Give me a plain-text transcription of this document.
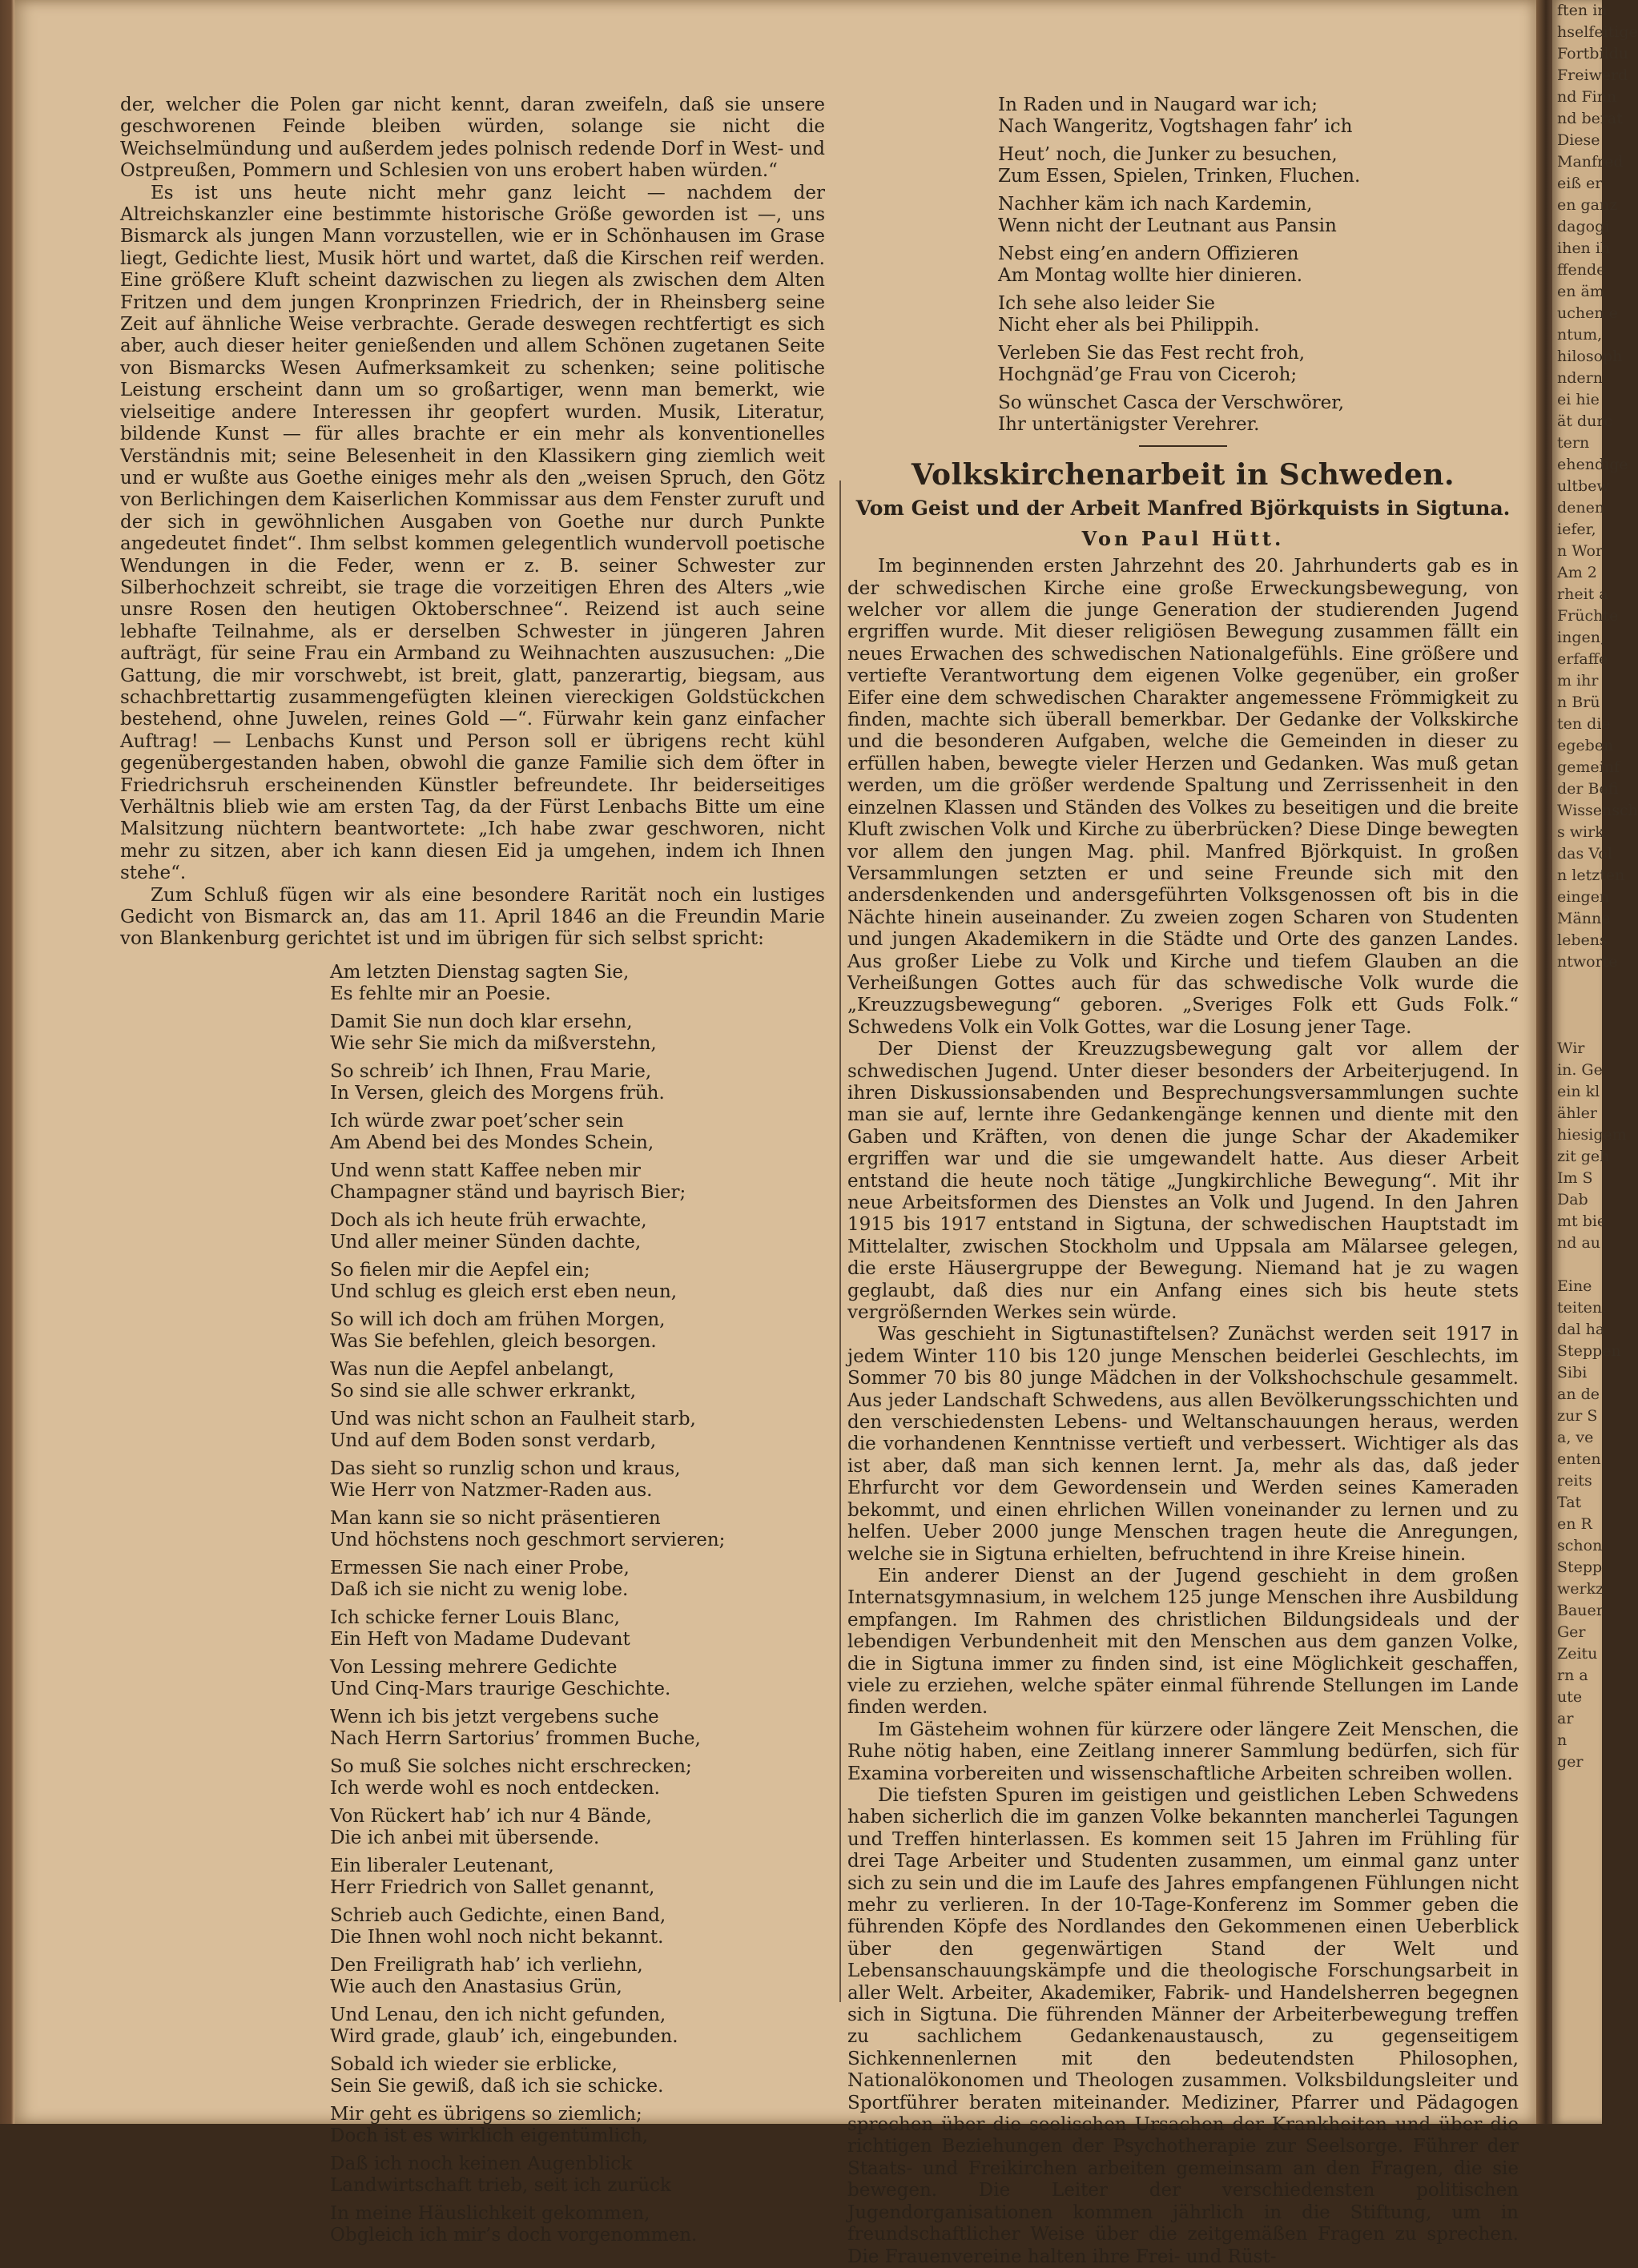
ften in
hselfeitige
Fortbildu
Freiwerd
nd Finn
nd berat
Diese
Manfred
eiß er
en ganz
dagogi
ihen ih
ffende
en äm
uchen e
ntum,
hilosoph
ndern
ei hie
ät durc
tern
ehendige
ultbew
denen
iefer,
n Wor
Am 2
rheit a
Früchte
ingen,
erfaffe
m ihr
n Brü
ten die
egeben
gemeinf
der Befi
Wissensch
s wirk
das Vol
n letzten
eingen
Männe
lebens
ntworte

Wir
in. Ge
ein kl
ähler
hiesigem
zit geh
Im S
Dab
mt bie
nd au

Eine
teiten.
dal ha
Steppen
Sibi
an de
zur S
a, ve
enten
reits
Tat
en R
schon
Stepp
werkz
Bauer
Ger
Zeitu
rn a
ute
ar
n
ger

der, welcher die Polen gar nicht kennt, daran zweifeln, daß sie unsere geschworenen Feinde bleiben würden, solange sie nicht die Weichselmündung und außerdem jedes polnisch redende Dorf in West- und Ostpreußen, Pommern und Schlesien von uns erobert haben würden.“

Es ist uns heute nicht mehr ganz leicht — nachdem der Altreichskanzler eine bestimmte historische Größe geworden ist —, uns Bismarck als jungen Mann vorzustellen, wie er in Schönhausen im Grase liegt, Gedichte liest, Musik hört und wartet, daß die Kirschen reif werden. Eine größere Kluft scheint dazwischen zu liegen als zwischen dem Alten Fritzen und dem jungen Kronprinzen Friedrich, der in Rheinsberg seine Zeit auf ähnliche Weise verbrachte. Gerade deswegen rechtfertigt es sich aber, auch dieser heiter genießenden und allem Schönen zugetanen Seite von Bismarcks Wesen Aufmerksamkeit zu schenken; seine politische Leistung erscheint dann um so großartiger, wenn man bemerkt, wie vielseitige andere Interessen ihr geopfert wurden. Musik, Literatur, bildende Kunst — für alles brachte er ein mehr als konventionelles Verständnis mit; seine Belesenheit in den Klassikern ging ziemlich weit und er wußte aus Goethe einiges mehr als den „weisen Spruch, den Götz von Berlichingen dem Kaiserlichen Kommissar aus dem Fenster zuruft und der sich in gewöhnlichen Ausgaben von Goethe nur durch Punkte angedeutet findet“. Ihm selbst kommen gelegentlich wundervoll poetische Wendungen in die Feder, wenn er z. B. seiner Schwester zur Silberhochzeit schreibt, sie trage die vorzeitigen Ehren des Alters „wie unsre Rosen den heutigen Oktoberschnee“. Reizend ist auch seine lebhafte Teilnahme, als er derselben Schwester in jüngeren Jahren aufträgt, für seine Frau ein Armband zu Weihnachten auszusuchen: „Die Gattung, die mir vorschwebt, ist breit, glatt, panzerartig, biegsam, aus schachbrettartig zusammengefügten kleinen viereckigen Goldstückchen bestehend, ohne Juwelen, reines Gold —“. Fürwahr kein ganz einfacher Auftrag! — Lenbachs Kunst und Person soll er übrigens recht kühl gegenübergestanden haben, obwohl die ganze Familie sich dem öfter in Friedrichsruh erscheinenden Künstler befreundete. Ihr beiderseitiges Verhältnis blieb wie am ersten Tag, da der Fürst Lenbachs Bitte um eine Malsitzung nüchtern beantwortete: „Ich habe zwar geschworen, nicht mehr zu sitzen, aber ich kann diesen Eid ja umgehen, indem ich Ihnen stehe“.

Zum Schluß fügen wir als eine besondere Rarität noch ein lustiges Gedicht von Bismarck an, das am 11. April 1846 an die Freundin Marie von Blankenburg gerichtet ist und im übrigen für sich selbst spricht:

Am letzten Dienstag sagten Sie,
Es fehlte mir an Poesie.
Damit Sie nun doch klar ersehn,
Wie sehr Sie mich da mißverstehn,
So schreib’ ich Ihnen, Frau Marie,
In Versen, gleich des Morgens früh.
Ich würde zwar poet’scher sein
Am Abend bei des Mondes Schein,
Und wenn statt Kaffee neben mir
Champagner ständ und bayrisch Bier;
Doch als ich heute früh erwachte,
Und aller meiner Sünden dachte,
So fielen mir die Aepfel ein;
Und schlug es gleich erst eben neun,
So will ich doch am frühen Morgen,
Was Sie befehlen, gleich besorgen.
Was nun die Aepfel anbelangt,
So sind sie alle schwer erkrankt,
Und was nicht schon an Faulheit starb,
Und auf dem Boden sonst verdarb,
Das sieht so runzlig schon und kraus,
Wie Herr von Natzmer-Raden aus.
Man kann sie so nicht präsentieren
Und höchstens noch geschmort servieren;
Ermessen Sie nach einer Probe,
Daß ich sie nicht zu wenig lobe.
Ich schicke ferner Louis Blanc,
Ein Heft von Madame Dudevant
Von Lessing mehrere Gedichte
Und Cinq-Mars traurige Geschichte.
Wenn ich bis jetzt vergebens suche
Nach Herrn Sartorius’ frommen Buche,
So muß Sie solches nicht erschrecken;
Ich werde wohl es noch entdecken.
Von Rückert hab’ ich nur 4 Bände,
Die ich anbei mit übersende.
Ein liberaler Leutenant,
Herr Friedrich von Sallet genannt,
Schrieb auch Gedichte, einen Band,
Die Ihnen wohl noch nicht bekannt.
Den Freiligrath hab’ ich verliehn,
Wie auch den Anastasius Grün,
Und Lenau, den ich nicht gefunden,
Wird grade, glaub’ ich, eingebunden.
Sobald ich wieder sie erblicke,
Sein Sie gewiß, daß ich sie schicke.
Mir geht es übrigens so ziemlich;
Doch ist es wirklich eigentümlich,
Daß ich noch keinen Augenblick
Landwirtschaft trieb, seit ich zurück
In meine Häuslichkeit gekommen,
Obgleich ich mir’s doch vorgenommen.
In Raden und in Naugard war ich;
Nach Wangeritz, Vogtshagen fahr’ ich
Heut’ noch, die Junker zu besuchen,
Zum Essen, Spielen, Trinken, Fluchen.
Nachher käm ich nach Kardemin,
Wenn nicht der Leutnant aus Pansin
Nebst eing’en andern Offizieren
Am Montag wollte hier dinieren.
Ich sehe also leider Sie
Nicht eher als bei Philippih.
Verleben Sie das Fest recht froh,
Hochgnäd’ge Frau von Ciceroh;
So wünschet Casca der Verschwörer,
Ihr untertänigster Verehrer.
Volkskirchenarbeit in Schweden.
Vom Geist und der Arbeit Manfred Björkquists in Sigtuna.
Von Paul Hütt.

Im beginnenden ersten Jahrzehnt des 20. Jahrhunderts gab es in der schwedischen Kirche eine große Erweckungsbewegung, von welcher vor allem die junge Generation der studierenden Jugend ergriffen wurde. Mit dieser religiösen Bewegung zusammen fällt ein neues Erwachen des schwedischen Nationalgefühls. Eine größere und vertiefte Verantwortung dem eigenen Volke gegenüber, ein großer Eifer eine dem schwedischen Charakter angemessene Frömmigkeit zu finden, machte sich überall bemerkbar. Der Gedanke der Volkskirche und die besonderen Aufgaben, welche die Gemeinden in dieser zu erfüllen haben, bewegte vieler Herzen und Gedanken. Was muß getan werden, um die größer werdende Spaltung und Zerrissenheit in den einzelnen Klassen und Ständen des Volkes zu beseitigen und die breite Kluft zwischen Volk und Kirche zu überbrücken? Diese Dinge bewegten vor allem den jungen Mag. phil. Manfred Björkquist. In großen Versammlungen setzten er und seine Freunde sich mit den andersdenkenden und andersgeführten Volksgenossen oft bis in die Nächte hinein auseinander. Zu zweien zogen Scharen von Studenten und jungen Akademikern in die Städte und Orte des ganzen Landes. Aus großer Liebe zu Volk und Kirche und tiefem Glauben an die Verheißungen Gottes auch für das schwedische Volk wurde die „Kreuzzugsbewegung“ geboren. „Sveriges Folk ett Guds Folk.“ Schwedens Volk ein Volk Gottes, war die Losung jener Tage.

Der Dienst der Kreuzzugsbewegung galt vor allem der schwedischen Jugend. Unter dieser besonders der Arbeiterjugend. In ihren Diskussionsabenden und Besprechungsversammlungen suchte man sie auf, lernte ihre Gedankengänge kennen und diente mit den Gaben und Kräften, von denen die junge Schar der Akademiker ergriffen war und die sie umgewandelt hatte. Aus dieser Arbeit entstand die heute noch tätige „Jungkirchliche Bewegung“. Mit ihr neue Arbeitsformen des Dienstes an Volk und Jugend. In den Jahren 1915 bis 1917 entstand in Sigtuna, der schwedischen Hauptstadt im Mittelalter, zwischen Stockholm und Uppsala am Mälarsee gelegen, die erste Häusergruppe der Bewegung. Niemand hat je zu wagen geglaubt, daß dies nur ein Anfang eines sich bis heute stets vergrößernden Werkes sein würde.

Was geschieht in Sigtunastiftelsen? Zunächst werden seit 1917 in jedem Winter 110 bis 120 junge Menschen beiderlei Geschlechts, im Sommer 70 bis 80 junge Mädchen in der Volkshochschule gesammelt. Aus jeder Landschaft Schwedens, aus allen Bevölkerungsschichten und den verschiedensten Lebens- und Weltanschauungen heraus, werden die vorhandenen Kenntnisse vertieft und verbessert. Wichtiger als das ist aber, daß man sich kennen lernt. Ja, mehr als das, daß jeder Ehrfurcht vor dem Gewordensein und Werden seines Kameraden bekommt, und einen ehrlichen Willen voneinander zu lernen und zu helfen. Ueber 2000 junge Menschen tragen heute die Anregungen, welche sie in Sigtuna erhielten, befruchtend in ihre Kreise hinein.

Ein anderer Dienst an der Jugend geschieht in dem großen Internatsgymnasium, in welchem 125 junge Menschen ihre Ausbildung empfangen. Im Rahmen des christlichen Bildungsideals und der lebendigen Verbundenheit mit den Menschen aus dem ganzen Volke, die in Sigtuna immer zu finden sind, ist eine Möglichkeit geschaffen, viele zu erziehen, welche später einmal führende Stellungen im Lande finden werden.

Im Gästeheim wohnen für kürzere oder längere Zeit Menschen, die Ruhe nötig haben, eine Zeitlang innerer Sammlung bedürfen, sich für Examina vorbereiten und wissenschaftliche Arbeiten schreiben wollen.

Die tiefsten Spuren im geistigen und geistlichen Leben Schwedens haben sicherlich die im ganzen Volke bekannten mancherlei Tagungen und Treffen hinterlassen. Es kommen seit 15 Jahren im Frühling für drei Tage Arbeiter und Studenten zusammen, um einmal ganz unter sich zu sein und die im Laufe des Jahres empfangenen Fühlungen nicht mehr zu verlieren. In der 10-Tage-Konferenz im Sommer geben die führenden Köpfe des Nordlandes den Gekommenen einen Ueberblick über den gegenwärtigen Stand der Welt und Lebensanschauungskämpfe und die theologische Forschungsarbeit in aller Welt. Arbeiter, Akademiker, Fabrik- und Handelsherren begegnen sich in Sigtuna. Die führenden Männer der Arbeiterbewegung treffen zu sachlichem Gedankenaustausch, zu gegenseitigem Sichkennenlernen mit den bedeutendsten Philosophen, Nationalökonomen und Theologen zusammen. Volksbildungsleiter und Sportführer beraten miteinander. Mediziner, Pfarrer und Pädagogen sprechen über die seelischen Ursachen der Krankheiten und über die richtigen Beziehungen der Psychotherapie zur Seelsorge. Führer der Staats- und Freikirchen arbeiten gemeinsam an den Fragen, die sie bewegen. Die Leiter der verschiedensten politischen Jugendorganisationen kommen jährlich in die Stiftung, um in freundschaftlicher Weise über die zeitgemäßen Fragen zu sprechen. Die Frauenvereine halten ihre Frei- und Rüst-
